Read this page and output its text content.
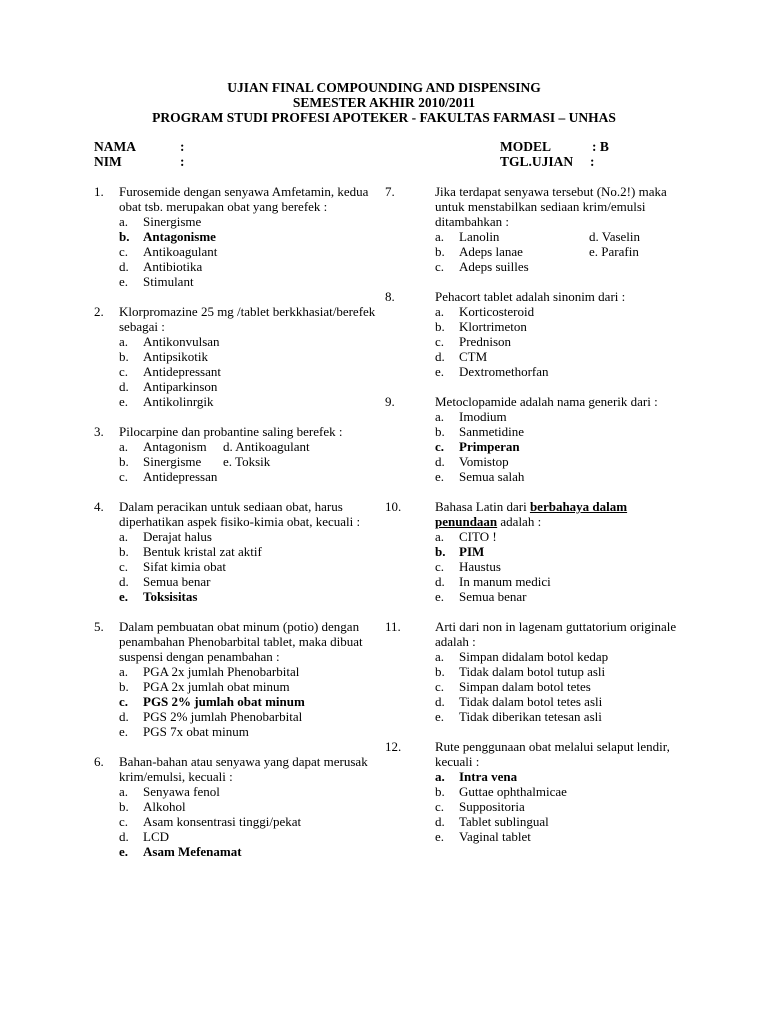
UJIAN FINAL COMPOUNDING AND DISPENSING
SEMESTER AKHIR 2010/2011
PROGRAM STUDI PROFESI APOTEKER - FAKULTAS FARMASI – UNHAS
NAMA	:
NIM	:
MODEL	: B
TGL.UJIAN :
1. Furosemide dengan senyawa Amfetamin, kedua obat tsb. merupakan obat yang berefek :
a. Sinergisme
b. Antagonisme
c. Antikoagulant
d. Antibiotika
e. Stimulant
2. Klorpromazine 25 mg /tablet berkkhasiat/berefek sebagai :
a. Antikonvulsan
b. Antipsikotik
c. Antidepressant
d. Antiparkinson
e. Antikolinrgik
3. Pilocarpine dan probantine saling berefek :
a. Antagonism d. Antikoagulant
b. Sinergisme e. Toksik
c. Antidepressan
4. Dalam peracikan untuk sediaan obat, harus diperhatikan aspek fisiko-kimia obat, kecuali :
a. Derajat halus
b. Bentuk kristal zat aktif
c. Sifat kimia obat
d. Semua benar
e. Toksisitas
5. Dalam pembuatan obat minum (potio) dengan penambahan Phenobarbital tablet, maka dibuat suspensi dengan penambahan :
a. PGA 2x jumlah Phenobarbital
b. PGA 2x jumlah obat minum
c. PGS 2% jumlah obat minum
d. PGS 2% jumlah Phenobarbital
e. PGS 7x obat minum
6. Bahan-bahan atau senyawa yang dapat merusak krim/emulsi, kecuali :
a. Senyawa fenol
b. Alkohol
c. Asam konsentrasi tinggi/pekat
d. LCD
e. Asam Mefenamat
7.	Jika terdapat senyawa tersebut (No.2!) maka untuk menstabilkan sediaan krim/emulsi ditambahkan :
a. Lanolin	d. Vaselin
b. Adeps lanae	e. Parafin
c. Adeps suilles
8.	Pehacort tablet adalah sinonim dari :
a. Korticosteroid
b. Klortrimeton
c. Prednison
d. CTM
e. Dextromethorfan
9.	Metoclopamide adalah nama generik dari :
a. Imodium
b. Sanmetidine
c. Primperan
d. Vomistop
e. Semua salah
10.	Bahasa Latin dari berbahaya dalam penundaan adalah :
a. CITO !
b. PIM
c. Haustus
d. In manum medici
e. Semua benar
11.	Arti dari non in lagenam guttatorium originale adalah :
a. Simpan didalam botol kedap
b. Tidak dalam botol tutup asli
c. Simpan dalam botol tetes
d. Tidak dalam botol tetes asli
e. Tidak diberikan tetesan asli
12.	Rute penggunaan obat melalui selaput lendir, kecuali :
a. Intra vena
b. Guttae ophthalmicae
c. Suppositoria
d. Tablet sublingual
e. Vaginal tablet
